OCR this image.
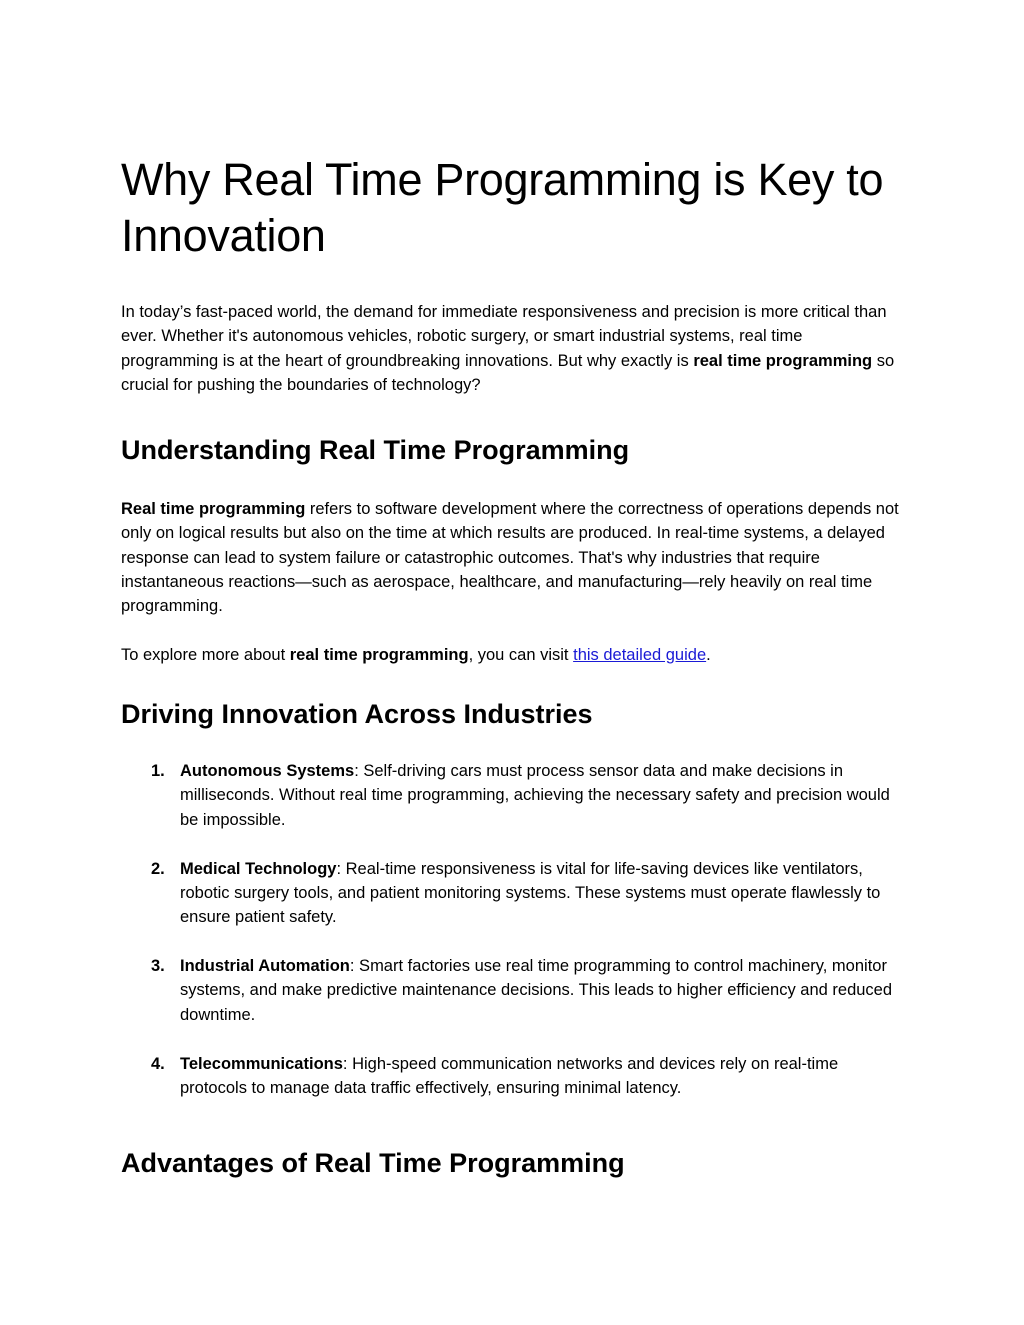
Why Real Time Programming is Key to Innovation

In today’s fast-paced world, the demand for immediate responsiveness and precision is more critical than ever. Whether it's autonomous vehicles, robotic surgery, or smart industrial systems, real time programming is at the heart of groundbreaking innovations. But why exactly is real time programming so crucial for pushing the boundaries of technology?

Understanding Real Time Programming

Real time programming refers to software development where the correctness of operations depends not only on logical results but also on the time at which results are produced. In real-time systems, a delayed response can lead to system failure or catastrophic outcomes. That's why industries that require instantaneous reactions—such as aerospace, healthcare, and manufacturing—rely heavily on real time programming.

To explore more about real time programming, you can visit this detailed guide.

Driving Innovation Across Industries
1. Autonomous Systems: Self-driving cars must process sensor data and make decisions in milliseconds. Without real time programming, achieving the necessary safety and precision would be impossible.
2. Medical Technology: Real-time responsiveness is vital for life-saving devices like ventilators, robotic surgery tools, and patient monitoring systems. These systems must operate flawlessly to ensure patient safety.
3. Industrial Automation: Smart factories use real time programming to control machinery, monitor systems, and make predictive maintenance decisions. This leads to higher efficiency and reduced downtime.
4. Telecommunications: High-speed communication networks and devices rely on real-time protocols to manage data traffic effectively, ensuring minimal latency.
Advantages of Real Time Programming
